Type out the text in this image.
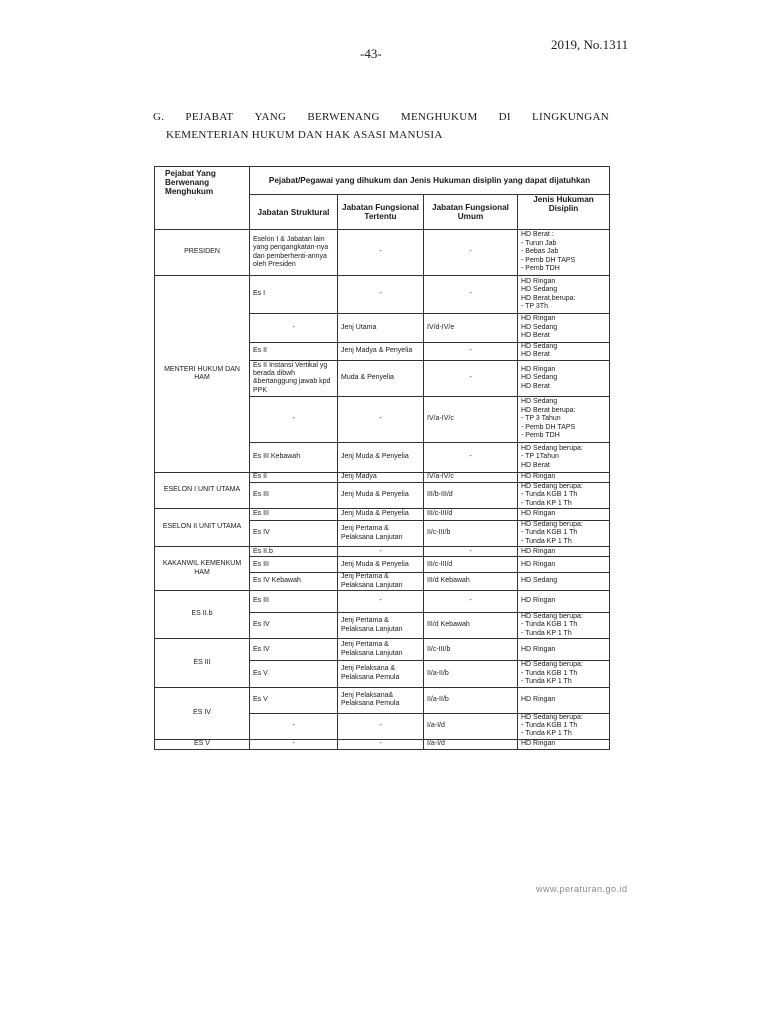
-43-
2019, No.1311
G. PEJABAT YANG BERWENANG MENGHUKUM DI LINGKUNGAN
KEMENTERIAN HUKUM DAN HAK ASASI MANUSIA
Pejabat Yang Berwenang Menghukum	Pejabat/Pegawai yang dihukum dan Jenis Hukuman disiplin yang dapat dijatuhkan			
	Jabatan Struktural	Jabatan Fungsional Tertentu	Jabatan Fungsional Umum	Jenis Hukuman Disiplin
PRESIDEN	Eselon I & Jabatan lain yang pengangkatan-nya dan pemberhenti-annya oleh Presiden	-	-	HD Berat :
- Turun Jab
- Bebas Jab
- Pemb DH TAPS
- Pemb TDH

MENTERI HUKUM DAN HAM	Es I	-	-	HD Ringan
HD Sedang
HD Berat,berupa:
- TP 3Th

	-	Jenj Utama	IV/d-IV/e	HD Ringan
HD Sedang
HD Berat

	Es II	Jenj Madya & Penyelia	-	HD Sedang
HD Berat

	Es II Instansi Vertikal yg berada dibwh &bertanggung jawab kpd PPK	Muda & Penyelia	-	HD Ringan
HD Sedang
HD Berat

	-	-	IV/a-IV/c	HD Sedang
HD Berat berupa:
- TP 3 Tahun
- Pemb DH TAPS
- Pemb TDH

	Es III Kebawah	Jenj Muda & Penyelia	-	HD Sedang berupa:
- TP 1Tahun
HD Berat

ESELON I UNIT UTAMA	Es II	Jenj Madya	IV/a-IV/c	HD Ringan

	Es III	Jenj Muda & Penyelia	III/b-III/d	HD Sedang berupa:
- Tunda KGB 1 Th
- Tunda KP 1 Th

ESELON II UNIT UTAMA	Es III	Jenj Muda & Penyelia	III/c-III/d	HD Ringan

	Es IV	Jenj Pertama & Pelaksana Lanjutan	II/c-III/b	HD Sedang berupa:
- Tunda KGB 1 Th
- Tunda KP 1 Th

KAKANWIL KEMENKUM HAM	Es II.b	-	-	HD Ringan

	Es III	Jenj Muda & Penyelia	III/c-III/d	HD Ringan

	Es IV Kebawah	Jenj Pertama & Pelaksana Lanjutan	III/d Kebawah	HD Sedang

ES II.b	Es III	-	-	HD Ringan

	Es IV	Jenj Pertama & Pelaksana Lanjutan	III/d Kebawah	HD Sedang berupa:
- Tunda KGB 1 Th
- Tunda KP 1 Th

ES III	Es IV	Jenj Pertama & Pelaksana Lanjutan	II/c-III/b	HD Ringan

	Es V	Jenj Pelaksana & Pelaksana Pemula	II/a-II/b	HD Sedang berupa:
- Tunda KGB 1 Th
- Tunda KP 1 Th

ES IV	Es V	Jenj Pelaksana& Pelaksana Pemula	II/a-II/b	HD Ringan

	-	-	I/a-I/d	HD Sedang berupa:
- Tunda KGB 1 Th
- Tunda KP 1 Th

ES V	-	-	I/a-I/d	HD Ringan
www.peraturan.go.id
